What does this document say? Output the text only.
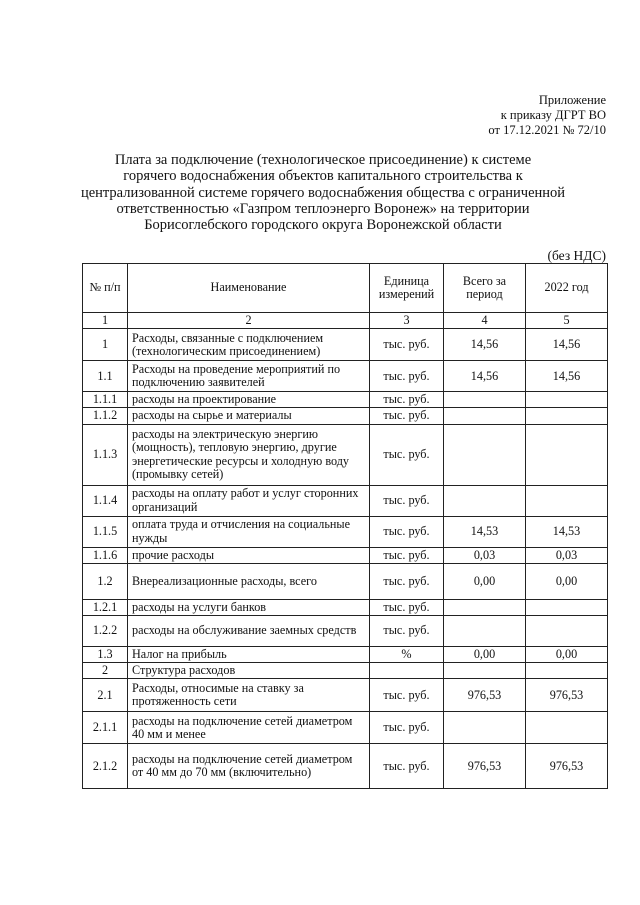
Приложение
к приказу ДГРТ ВО
от 17.12.2021 № 72/10
Плата за подключение (технологическое присоединение) к системе
горячего водоснабжения объектов капитального строительства к
централизованной системе горячего водоснабжения общества с ограниченной
ответственностью «Газпром теплоэнерго Воронеж» на территории
Борисоглебского городского округа Воронежской области
(без НДС)
№ п/п	Наименование	Единица измерений	Всего за период	2022 год
1	2	3	4	5
1	Расходы, связанные с подключением (технологическим присоединением)	тыс. руб.	14,56	14,56
1.1	Расходы на проведение мероприятий по подключению заявителей	тыс. руб.	14,56	14,56
1.1.1	расходы на проектирование	тыс. руб.		
1.1.2	расходы на сырье и материалы	тыс. руб.		
1.1.3	расходы на электрическую энергию (мощность), тепловую энергию, другие энергетические ресурсы и холодную воду (промывку сетей)	тыс. руб.		
1.1.4	расходы на оплату работ и услуг сторонних организаций	тыс. руб.		
1.1.5	оплата труда и отчисления на социальные нужды	тыс. руб.	14,53	14,53
1.1.6	прочие расходы	тыс. руб.	0,03	0,03
1.2	Внереализационные расходы, всего	тыс. руб.	0,00	0,00
1.2.1	расходы на услуги банков	тыс. руб.		
1.2.2	расходы на обслуживание заемных средств	тыс. руб.		
1.3	Налог на прибыль	%	0,00	0,00
2	Структура расходов			
2.1	Расходы, относимые на ставку за протяженность сети	тыс. руб.	976,53	976,53
2.1.1	расходы на подключение сетей диаметром 40 мм и менее	тыс. руб.		
2.1.2	расходы на подключение сетей диаметром от 40 мм до 70 мм (включительно)	тыс. руб.	976,53	976,53
